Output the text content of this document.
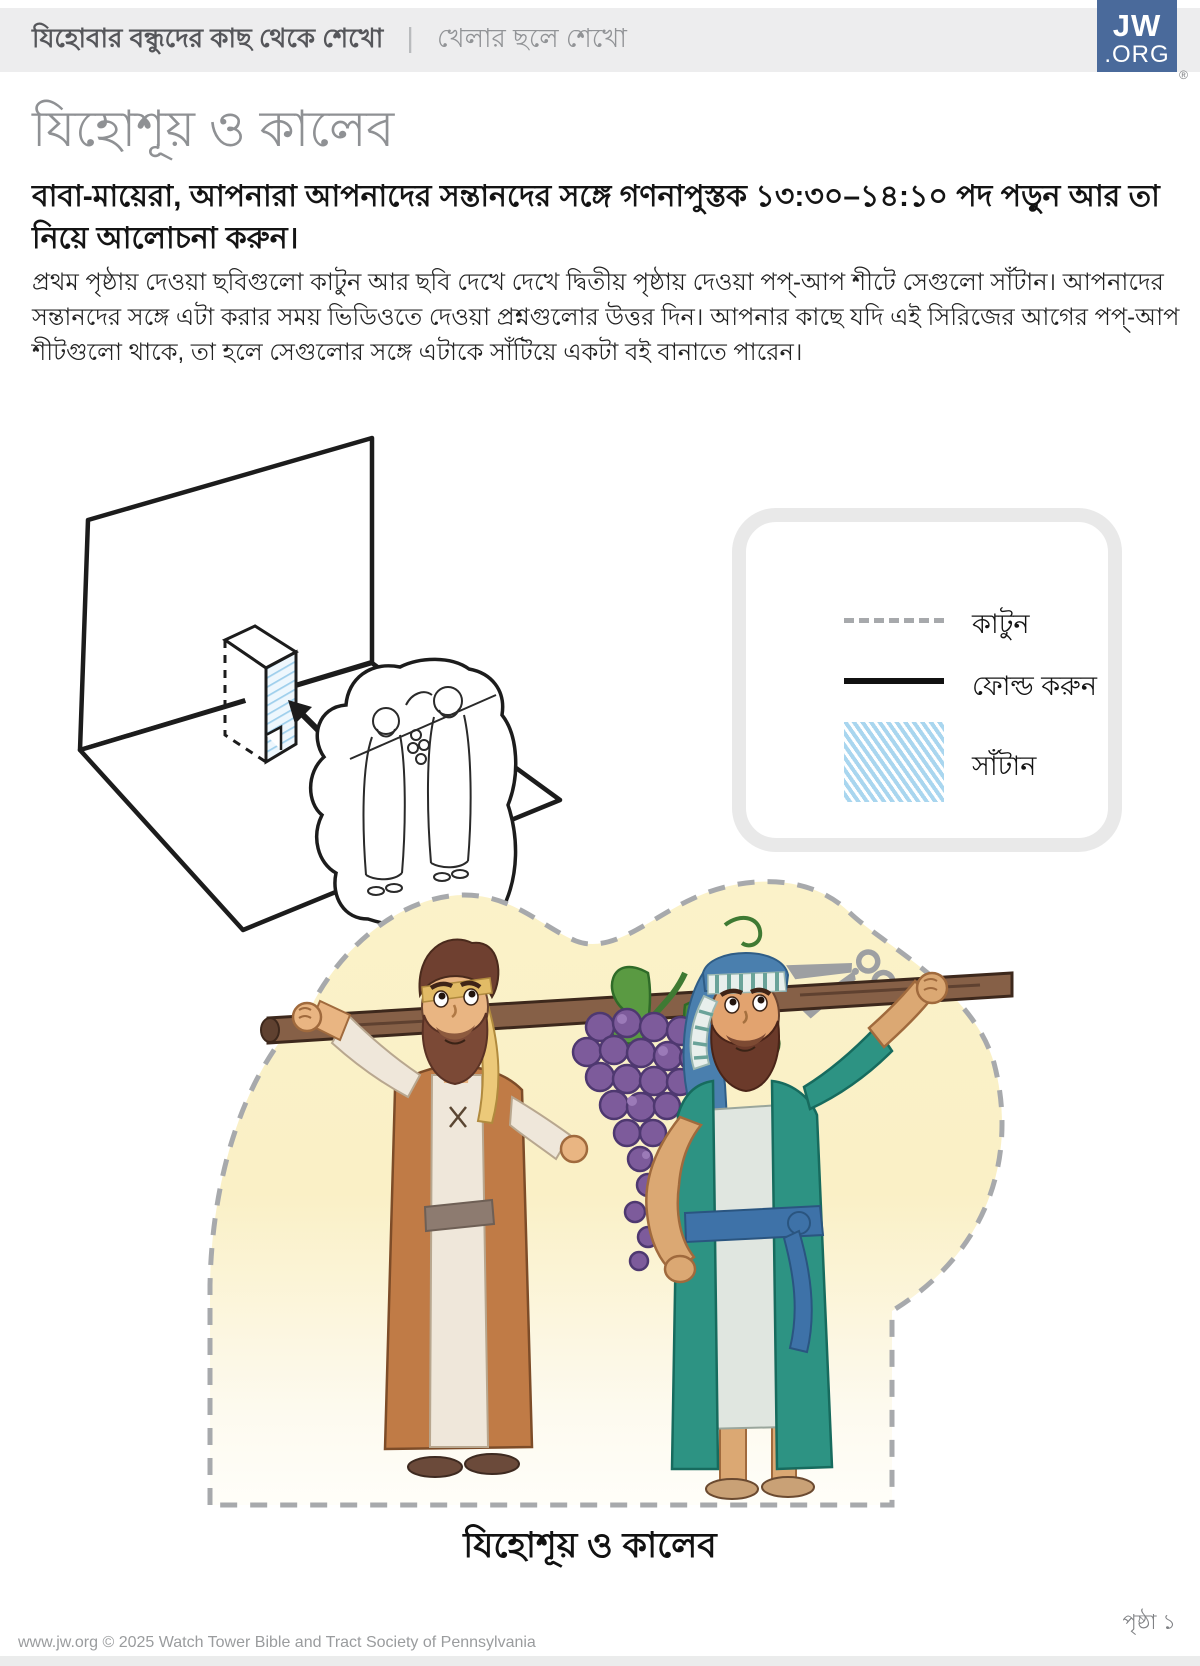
যিহোবার বন্ধুদের কাছ থেকে শেখো | খেলার ছলে শেখো	JW
.ORG
®
যিহোশূয় ও কালেব
বাবা-মায়েরা, আপনারা আপনাদের সন্তানদের সঙ্গে গণনাপুস্তক ১৩:৩০–১৪:১০ পদ পড়ুন আর তা নিয়ে আলোচনা করুন।
প্রথম পৃষ্ঠায় দেওয়া ছবিগুলো কাটুন আর ছবি দেখে দেখে দ্বিতীয় পৃষ্ঠায় দেওয়া পপ্‌-আপ শীটে সেগুলো সাঁটান। আপনাদের সন্তানদের সঙ্গে এটা করার সময় ভিডিওতে দেওয়া প্রশ্নগুলোর উত্তর দিন। আপনার কাছে যদি এই সিরিজের আগের পপ্‌-আপ শীটগুলো থাকে, তা হলে সেগুলোর সঙ্গে এটাকে সাঁটিয়ে একটা বই বানাতে পারেন।
কাটুন
ফোল্ড করুন
সাঁটান
যিহোশূয় ও কালেব
www.jw.org © 2025 Watch Tower Bible and Tract Society of Pennsylvania
পৃষ্ঠা ১
